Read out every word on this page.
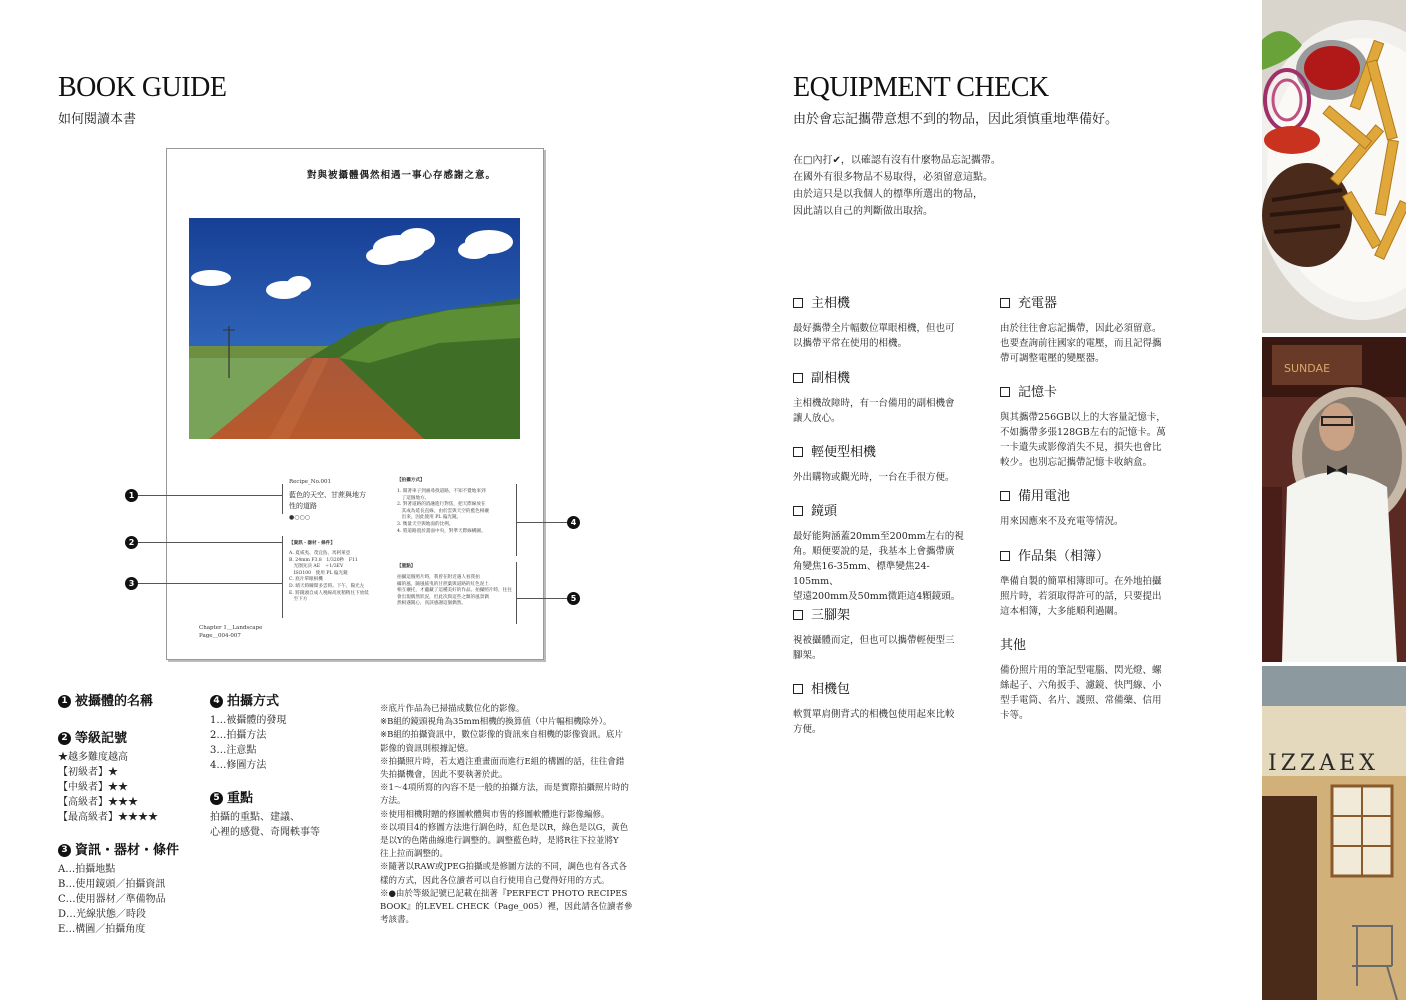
BOOK GUIDE
如何閱讀本書
對與被攝體偶然相遇一事心存感謝之意。
Recipe_No.001
藍色的天空、甘蔗與地方性的道路
●○○○
【資訊・器材・條件】
A. 夏威夷、茂宜島、馬阿萊亞
B. 24mm F3.8　1/320秒　F11
　光圈先決 AE　＋1/3EV
　ISO100　使用 PL 偏光鏡
C. 底片單眼相機
D. 晴天時瞬間多雲時。下午，陽光左
E. 將鏡頭自成人視線高度稍稍往下放低
　至下方
【拍攝方式】
1. 開著車子到處尋找道路，不知不覺地來到
　了這個地方。
2. 對著道路的消融進行對焦，把天際線放在
　其成為延長直線，由於雲與天空的藍色相襯
　出來，因此使用 PL 偏光鏡。
3. 衡量天空與地面的比例。
4. 將道路置於畫面中央，對準天際線構圖。
【重點】
拍攝這個照片時，我曾在附近遇人看我拍
攝的風，隨風搖曳的甘蔗葉與道路的紅色泥土
相互襯托，才蘊藏了這種美好的作品。拍攝照片時，往往
會出現偶然狀況，但此次與這些之類的風景偶
然相遇開心，真該感謝這個偶然。
Chapter 1＿Landscape
Page＿004-007
1
2
3
4
5
1 被攝體的名稱
2 等級記號
★越多難度越高
【初級者】★
【中級者】★★
【高級者】★★★
【最高級者】★★★★
3 資訊・器材・條件
A…拍攝地點
B…使用鏡頭／拍攝資訊
C…使用器材／準備物品
D…光線狀態／時段
E…構圖／拍攝角度
4 拍攝方式
1…被攝體的發現
2…拍攝方法
3…注意點
4…修圖方法
5 重點
拍攝的重點、建議、
心裡的感覺、奇聞軼事等
※底片作品為已掃描成數位化的影像。
※B組的鏡頭視角為35mm相機的換算值（中片幅相機除外）。
※B組的拍攝資訊中，數位影像的資訊來自相機的影像資訊。底片
影像的資訊則根據記憶。
※拍攝照片時，若太過注重畫面而進行E組的構圖的話，往往會錯
失拍攝機會，因此不要執著於此。
※1～4項所寫的內容不是一般的拍攝方法，而是實際拍攝照片時的
方法。
※使用相機附贈的修圖軟體與市售的修圖軟體進行影像編修。
※以項目4的修圖方法進行調色時，紅色是以R，綠色是以G，黃色
是以Y的色階曲線進行調整的。調整藍色時，是將R往下拉並將Y
往上拉而調整的。
※隨著以RAW或JPEG拍攝或是修圖方法的不同，調色也有各式各
樣的方式，因此各位讀者可以自行使用自己覺得好用的方式。
※●由於等級記號已記載在拙著『PERFECT PHOTO RECIPES
BOOK』的LEVEL CHECK（Page_005）裡，因此請各位讀者參
考該書。
EQUIPMENT CHECK
由於會忘記攜帶意想不到的物品，因此須慎重地準備好。
在□內打✔，以確認有沒有什麼物品忘記攜帶。
在國外有很多物品不易取得，必須留意這點。
由於這只是以我個人的標準所選出的物品，
因此請以自己的判斷做出取捨。
主相機
最好攜帶全片幅數位單眼相機，但也可
以攜帶平常在使用的相機。
副相機
主相機故障時，有一台備用的副相機會
讓人放心。
輕便型相機
外出購物或觀光時，一台在手很方便。
鏡頭
最好能夠涵蓋20mm至200mm左右的視
角。順便要說的是，我基本上會攜帶廣
角變焦16-35mm、標準變焦24-105mm、
望遠200mm及50mm微距這4顆鏡頭。
三腳架
視被攝體而定，但也可以攜帶輕便型三
腳架。
相機包
軟質單肩側背式的相機包使用起來比較
方便。
充電器
由於往往會忘記攜帶，因此必須留意。
也要查詢前往國家的電壓，而且記得攜
帶可調整電壓的變壓器。
記憶卡
與其攜帶256GB以上的大容量記憶卡，
不如攜帶多張128GB左右的記憶卡。萬
一卡遺失或影像消失不見，損失也會比
較少。也別忘記攜帶記憶卡收納盒。
備用電池
用來因應來不及充電等情況。
作品集（相簿）
準備自製的簡單相簿即可。在外地拍攝
照片時，若須取得許可的話，只要提出
這本相簿，大多能順利過關。
其他
備份照片用的筆記型電腦、閃光燈、螺
絲起子、六角扳手、濾鏡、快門線、小
型手電筒、名片、護照、常備藥、信用
卡等。
SUNDAE
IZZAEX
